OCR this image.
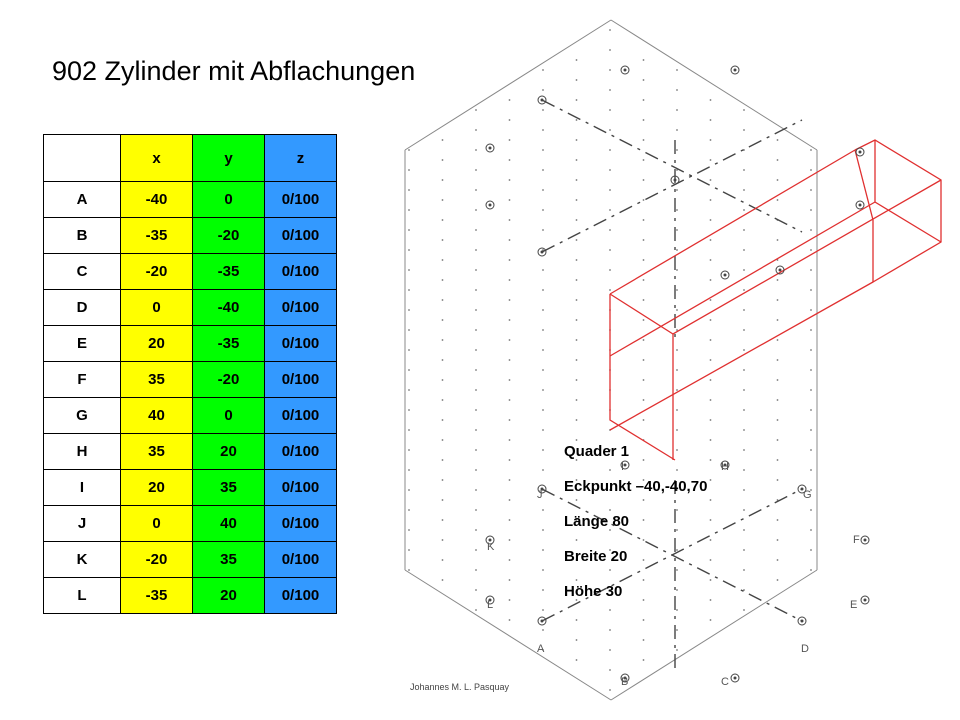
902 Zylinder mit Abflachungen
	x	y	z
A	-40	0	0/100
B	-35	-20	0/100
C	-20	-35	0/100
D	0	-40	0/100
E	20	-35	0/100
F	35	-20	0/100
G	40	0	0/100
H	35	20	0/100
I	20	35	0/100
J	0	40	0/100
K	-20	35	0/100
L	-35	20	0/100
A
B	C
D
E
F
G
H
I
J
K
L
Quader 1
Eckpunkt –40,-40,70
Länge 80
Breite 20
Höhe 30
Johannes M. L. Pasquay
